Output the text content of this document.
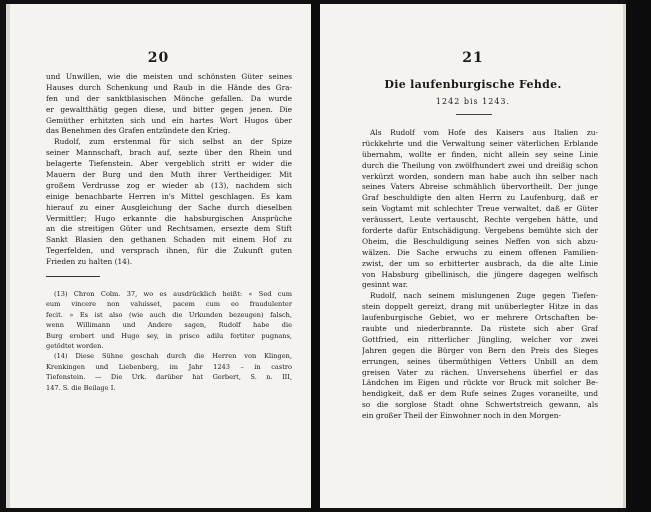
20
und Unwillen, wie die meisten und schönsten Güter seines
Hauses durch Schenkung und Raub in die Hände des Gra-
fen und der sanktblasischen Mönche gefallen. Da wurde
er gewaltthätig gegen diese, und bitter gegen jenen. Die
Gemüther erhitzten sich und ein hartes Wort Hugos über
das Benehmen des Grafen entzündete den Krieg.
Rudolf, zum erstenmal für sich selbst an der Spize
seiner Mannschaft, brach auf, sezte über den Rhein und
belagerte Tiefenstein. Aber vergeblich stritt er wider die
Mauern der Burg und den Muth ihrer Vertheidiger. Mit
großem Verdrusse zog er wieder ab (13), nachdem sich
einige benachbarte Herren in's Mittel geschlagen. Es kam
hierauf zu einer Ausgleichung der Sache durch dieselben
Vermittler; Hugo erkannte die habsburgischen Ansprüche
an die streitigen Güter und Rechtsamen, ersezte dem Stift
Sankt Blasien den gethanen Schaden mit einem Hof zu
Tegerfelden, und versprach ihnen, für die Zukunft guten
Frieden zu halten (14).
(13) Chron Colm. 37, wo es ausdrücklich heißt: « Sed cum
eum vincere non valuisset, pacem cum eo fraudulenter
fecit. » Es ist also (wie auch die Urkunden bezeugen) falsch,
wenn Willimann und Andere sagen, Rudolf habe die
Burg erobert und Hugo sey, in prisco adilu fortiter pugnans,
getödtet worden.
(14) Diese Sühne geschah durch die Herren von Klingen,
Krenkingen und Liebenberg, im Jahr 1243 – in castro
Tiefenstein. — Die Urk. darüber hat Gerbert, S. n. III,
147. S. die Beilage I.
21
Die laufenburgische Fehde.
1242 bis 1243.
Als Rudolf vom Hofe des Kaisers aus Italien zu-
rückkehrte und die Verwaltung seiner väterlichen Erblande
übernahm, wollte er finden, nicht allein sey seine Linie
durch die Theilung von zwölfhundert zwei und dreißig schon
verkürzt worden, sondern man habe auch ihn selber nach
seines Vaters Abreise schmählich übervortheilt. Der junge
Graf beschuldigte den alten Herrn zu Laufenburg, daß er
sein Vogtamt mit schlechter Treue verwaltet, daß er Güter
veräussert, Leute vertauscht, Rechte vergeben hätte, und
forderte dafür Entschädigung. Vergebens bemühte sich der
Oheim, die Beschuldigung seines Neffen von sich abzu-
wälzen. Die Sache erwuchs zu einem offenen Familien-
zwist, der um so erbitterter ausbrach, da die alte Linie
von Habsburg gibellinisch, die jüngere dagegen welfisch
gesinnt war.
Rudolf, nach seinem mislungenen Zuge gegen Tiefen-
stein doppelt gereizt, drang mit unüberlegter Hitze in das
laufenburgische Gebiet, wo er mehrere Ortschaften be-
raubte und niederbrannte. Da rüstete sich aber Graf
Gottfried, ein ritterlicher Jüngling, welcher vor zwei
Jahren gegen die Bürger von Bern den Preis des Sieges
errungen, seines übermüthigen Vetters Unbill an dem
greisen Vater zu rächen. Unversehens überfiel er das
Ländchen im Eigen und rückte vor Bruck mit solcher Be-
hendigkeit, daß er dem Rufe seines Zuges voraneilte, und
so die sorglose Stadt ohne Schwertstreich gewann, als
ein großer Theil der Einwohner noch in den Morgen-
